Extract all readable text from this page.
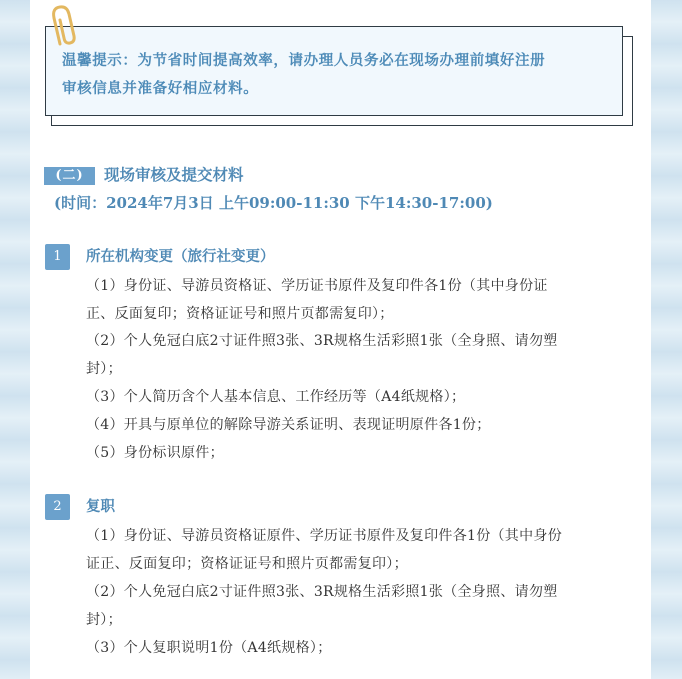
温馨提示：为节省时间提高效率，请办理人员务必在现场办理前填好注册

审核信息并准备好相应材料。

(二)	现场审核及提交材料
(时间：2024年7月3日 上午09:00-11:30 下午14:30-17:00)
1	所在机构变更（旅行社变更）
（1）身份证、导游员资格证、学历证书原件及复印件各1份（其中身份证
正、反面复印；资格证证号和照片页都需复印）；
（2）个人免冠白底2寸证件照3张、3R规格生活彩照1张（全身照、请勿塑
封）；
（3）个人简历含个人基本信息、工作经历等（A4纸规格）；
（4）开具与原单位的解除导游关系证明、表现证明原件各1份；
（5）身份标识原件；
2	复职
（1）身份证、导游员资格证原件、学历证书原件及复印件各1份（其中身份
证正、反面复印；资格证证号和照片页都需复印）；
（2）个人免冠白底2寸证件照3张、3R规格生活彩照1张（全身照、请勿塑
封）；
（3）个人复职说明1份（A4纸规格）；
